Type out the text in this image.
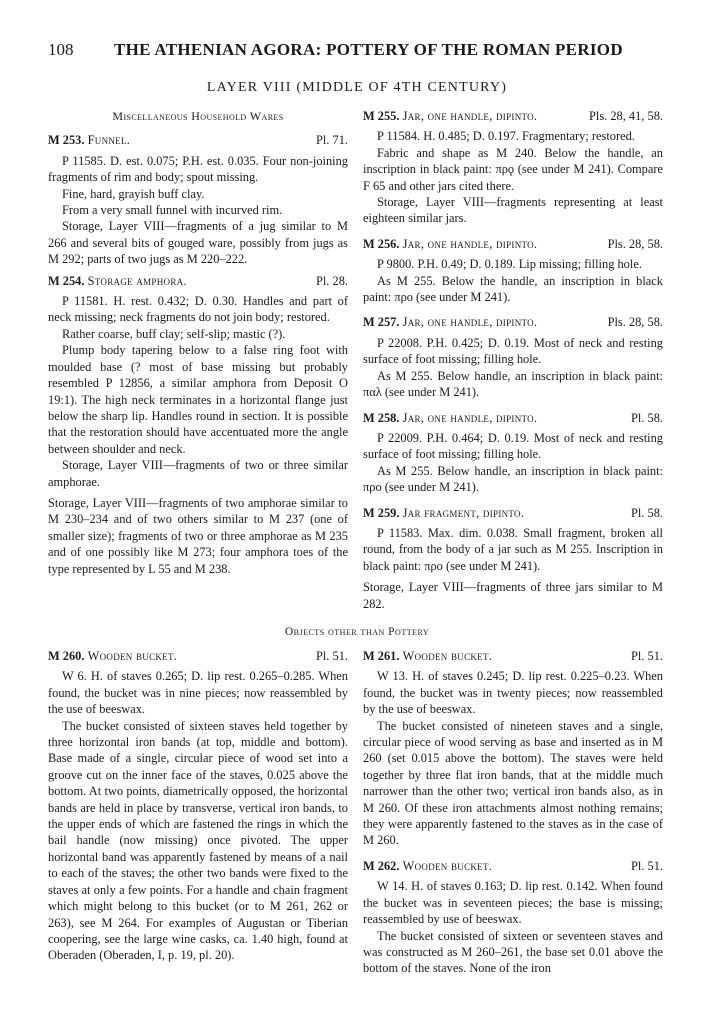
108 THE ATHENIAN AGORA: POTTERY OF THE ROMAN PERIOD
LAYER VIII (MIDDLE OF 4TH CENTURY)
Miscellaneous Household Wares
M 253. Funnel.	Pl. 71.

P 11585. D. est. 0.075; P.H. est. 0.035. Four non-joining fragments of rim and body; spout missing.

Fine, hard, grayish buff clay.

From a very small funnel with incurved rim.

Storage, Layer VIII—fragments of a jug similar to M 266 and several bits of gouged ware, possibly from jugs as M 292; parts of two jugs as M 220–222.

M 254. Storage amphora.	Pl. 28.

P 11581. H. rest. 0.432; D. 0.30. Handles and part of neck missing; neck fragments do not join body; restored.

Rather coarse, buff clay; self-slip; mastic (?).

Plump body tapering below to a false ring foot with moulded base (? most of base missing but probably resembled P 12856, a similar amphora from Deposit O 19:1). The high neck terminates in a horizontal flange just below the sharp lip. Handles round in section. It is possible that the restoration should have accentuated more the angle between shoulder and neck.

Storage, Layer VIII—fragments of two or three similar amphorae.

Storage, Layer VIII—fragments of two amphorae similar to M 230–234 and of two others similar to M 237 (one of smaller size); fragments of two or three amphorae as M 235 and of one possibly like M 273; four amphora toes of the type represented by L 55 and M 238.

M 255. Jar, one handle, dipinto.	Pls. 28, 41, 58.

P 11584. H. 0.485; D. 0.197. Fragmentary; restored.

Fabric and shape as M 240. Below the handle, an inscription in black paint: πρϙ (see under M 241). Compare F 65 and other jars cited there.

Storage, Layer VIII—fragments representing at least eighteen similar jars.

M 256. Jar, one handle, dipinto.	Pls. 28, 58.

P 9800. P.H. 0.49; D. 0.189. Lip missing; filling hole.

As M 255. Below the handle, an inscription in black paint: προ (see under M 241).

M 257. Jar, one handle, dipinto.	Pls. 28, 58.

P 22008. P.H. 0.425; D. 0.19. Most of neck and resting surface of foot missing; filling hole.

As M 255. Below handle, an inscription in black paint: παλ (see under M 241).

M 258. Jar, one handle, dipinto.	Pl. 58.

P 22009. P.H. 0.464; D. 0.19. Most of neck and resting surface of foot missing; filling hole.

As M 255. Below handle, an inscription in black paint: προ (see under M 241).

M 259. Jar fragment, dipinto.	Pl. 58.

P 11583. Max. dim. 0.038. Small fragment, broken all round, from the body of a jar such as M 255. Inscription in black paint: προ (see under M 241).

Storage, Layer VIII—fragments of three jars similar to M 282.

Objects other than Pottery
M 260. Wooden bucket.	Pl. 51.

W 6. H. of staves 0.265; D. lip rest. 0.265–0.285. When found, the bucket was in nine pieces; now reassembled by the use of beeswax.

The bucket consisted of sixteen staves held together by three horizontal iron bands (at top, middle and bottom). Base made of a single, circular piece of wood set into a groove cut on the inner face of the staves, 0.025 above the bottom. At two points, diametrically opposed, the horizontal bands are held in place by transverse, vertical iron bands, to the upper ends of which are fastened the rings in which the bail handle (now missing) once pivoted. The upper horizontal band was apparently fastened by means of a nail to each of the staves; the other two bands were fixed to the staves at only a few points. For a handle and chain fragment which might belong to this bucket (or to M 261, 262 or 263), see M 264. For examples of Augustan or Tiberian coopering, see the large wine casks, ca. 1.40 high, found at Oberaden (Oberaden, I, p. 19, pl. 20).

M 261. Wooden bucket.	Pl. 51.

W 13. H. of staves 0.245; D. lip rest. 0.225–0.23. When found, the bucket was in twenty pieces; now reassembled by the use of beeswax.

The bucket consisted of nineteen staves and a single, circular piece of wood serving as base and inserted as in M 260 (set 0.015 above the bottom). The staves were held together by three flat iron bands, that at the middle much narrower than the other two; vertical iron bands also, as in M 260. Of these iron attachments almost nothing remains; they were apparently fastened to the staves as in the case of M 260.

M 262. Wooden bucket.	Pl. 51.

W 14. H. of staves 0.163; D. lip rest. 0.142. When found the bucket was in seventeen pieces; the base is missing; reassembled by use of beeswax.

The bucket consisted of sixteen or seventeen staves and was constructed as M 260–261, the base set 0.01 above the bottom of the staves. None of the iron
